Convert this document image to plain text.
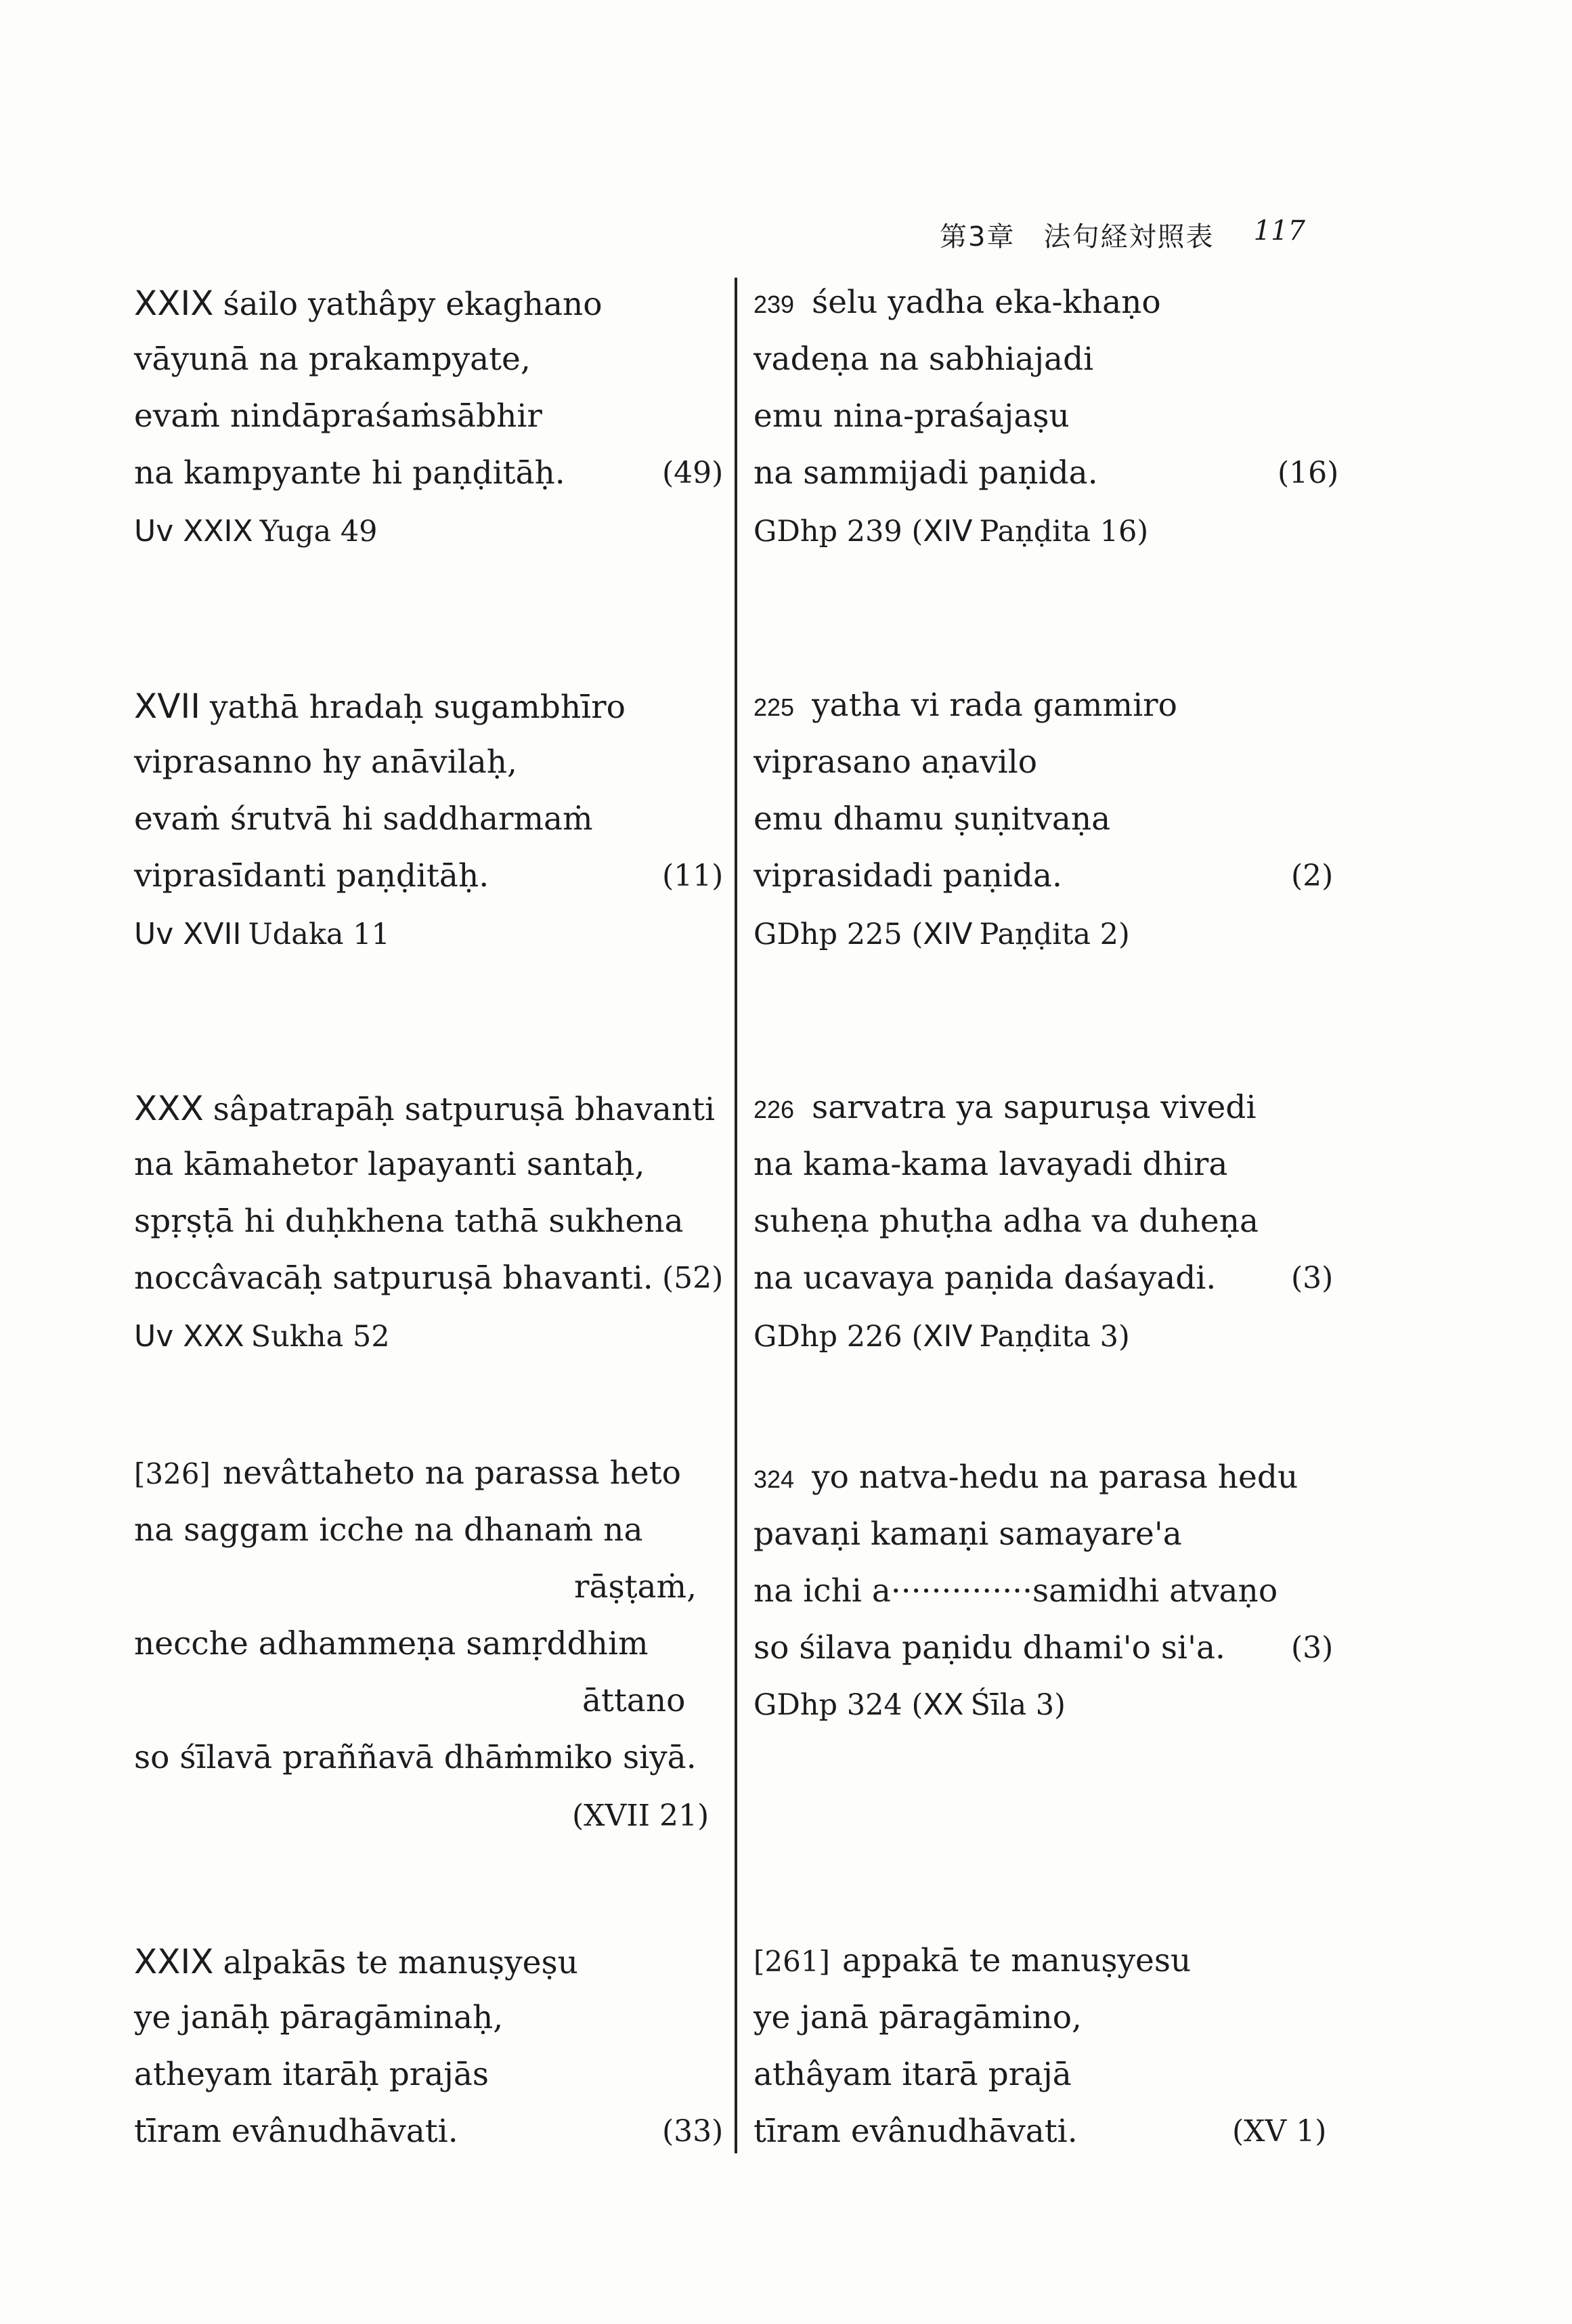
第3章　法句経対照表 117
XXIX śailo yathâpy ekaghano
vāyunā na prakampyate,
evaṁ nindāpraśaṁsābhir
na kampyante hi paṇḍitāḥ.	(49)
Uv XXIX Yuga 49
239 śelu yadha eka-khaṇo
vadeṇa na sabhiajadi
emu nina-praśajaṣu
na sammijadi paṇida.	(16)
GDhp 239 (XIV Paṇḍita 16)
XVII yathā hradaḥ sugambhīro
viprasanno hy anāvilaḥ,
evaṁ śrutvā hi saddharmaṁ
viprasīdanti paṇḍitāḥ.	(11)
Uv XVII Udaka 11
225 yatha vi rada gammiro
viprasano aṇavilo
emu dhamu ṣuṇitvaṇa
viprasidadi paṇida.	(2)
GDhp 225 (XIV Paṇḍita 2)
XXX sâpatrapāḥ satpuruṣā bhavanti
na kāmahetor lapayanti santaḥ,
spṛṣṭā hi duḥkhena tathā sukhena
noccâvacāḥ satpuruṣā bhavanti. (52)
Uv XXX Sukha 52
226 sarvatra ya sapuruṣa vivedi
na kama-kama lavayadi dhira
suheṇa phuṭha adha va duheṇa
na ucavaya paṇida daśayadi.	(3)
GDhp 226 (XIV Paṇḍita 3)
[326] nevâttaheto na parassa heto
na saggam icche na dhanaṁ na
rāṣṭaṁ,
necche adhammeṇa samṛddhim
āttano
so śīlavā praññavā dhāṁmiko siyā.
(XVII 21)
324 yo natva-hedu na parasa hedu
pavaṇi kamaṇi samayare'a
na ichi a··············samidhi atvaṇo
so śilava paṇidu dhami'o si'a. (3)
GDhp 324 (XX Śīla 3)
XXIX alpakās te manuṣyeṣu
ye janāḥ pāragāminaḥ,
atheyam itarāḥ prajās
tīram evânudhāvati.	(33)
[261] appakā te manuṣyesu
ye janā pāragāmino,
athâyam itarā prajā
tīram evânudhāvati.	(XV 1)
